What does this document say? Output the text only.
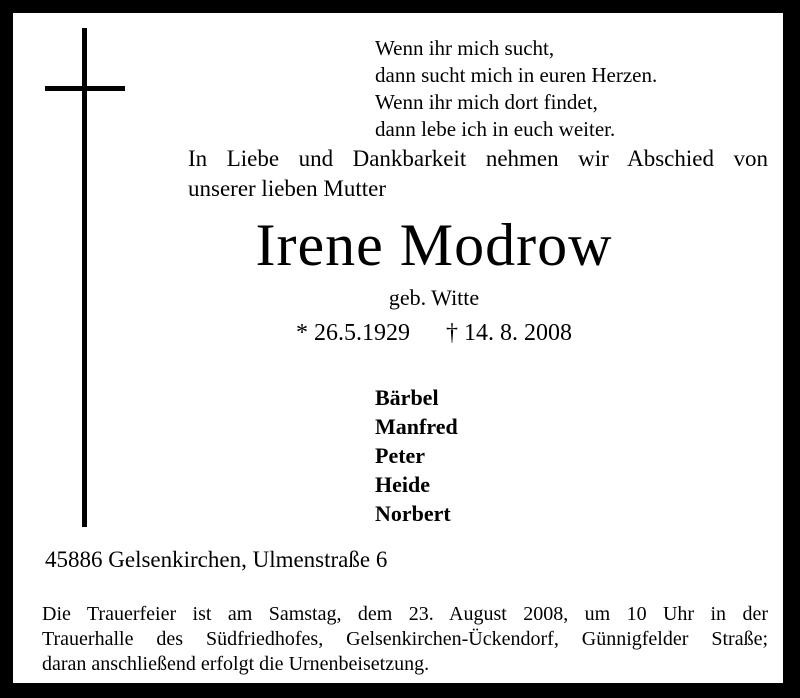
Wenn ihr mich sucht,
dann sucht mich in euren Herzen.
Wenn ihr mich dort findet,
dann lebe ich in euch weiter.
In Liebe und Dankbarkeit nehmen wir Abschied von
unserer lieben Mutter
Irene Modrow
geb. Witte
* 26.5.1929 † 14. 8. 2008
Bärbel
Manfred
Peter
Heide
Norbert
45886 Gelsenkirchen, Ulmenstraße 6
Die Trauerfeier ist am Samstag, dem 23. August 2008, um 10 Uhr in der
Trauerhalle des Südfriedhofes, Gelsenkirchen-Ückendorf, Günnigfelder Straße;
daran anschließend erfolgt die Urnenbeisetzung.
